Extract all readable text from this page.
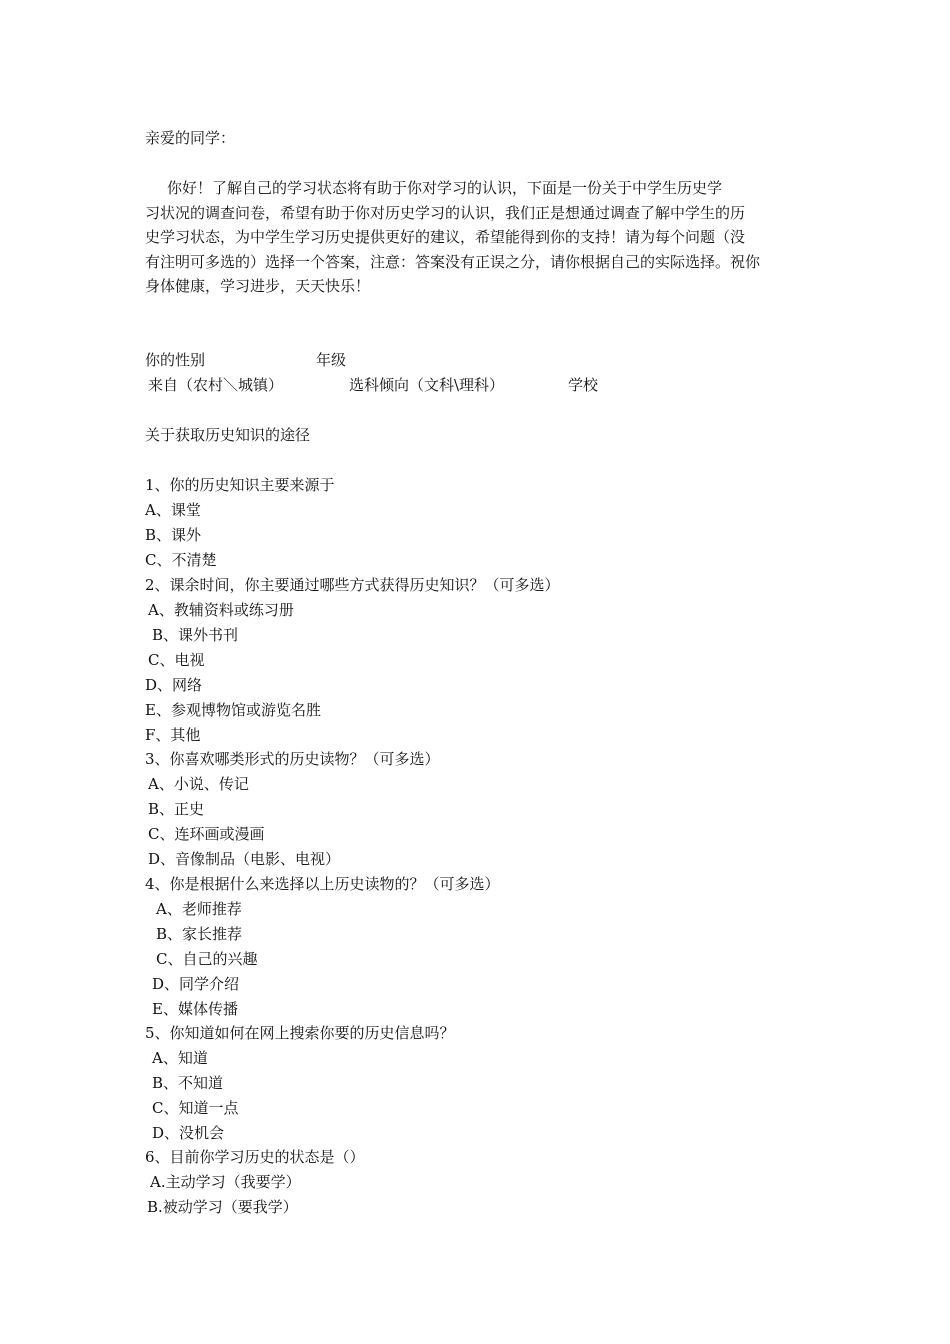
亲爱的同学：

你好！了解自己的学习状态将有助于你对学习的认识，下面是一份关于中学生历史学

习状况的调查问卷，希望有助于你对历史学习的认识，我们正是想通过调查了解中学生的历

史学习状态，为中学生学习历史提供更好的建议，希望能得到你的支持！请为每个问题（没

有注明可多选的）选择一个答案，注意：答案没有正误之分，请你根据自己的实际选择。祝你

身体健康，学习进步，天天快乐！

你的性别	年级
来自（农村＼城镇）	选科倾向（文科\理科）	学校
关于获取历史知识的途径
1、你的历史知识主要来源于
A、课堂
B、课外
C、不清楚
2、课余时间，你主要通过哪些方式获得历史知识？（可多选）
A、教辅资料或练习册
B、课外书刊
C、电视
D、网络
E、参观博物馆或游览名胜
F、其他
3、你喜欢哪类形式的历史读物？（可多选）
A、小说、传记
B、正史
C、连环画或漫画
D、音像制品（电影、电视）
4、你是根据什么来选择以上历史读物的？（可多选）
A、老师推荐
B、家长推荐
C、自己的兴趣
D、同学介绍
E、媒体传播
5、你知道如何在网上搜索你要的历史信息吗？
A、知道
B、不知道
C、知道一点
D、没机会
6、目前你学习历史的状态是（）
A.主动学习（我要学）
B.被动学习（要我学）
